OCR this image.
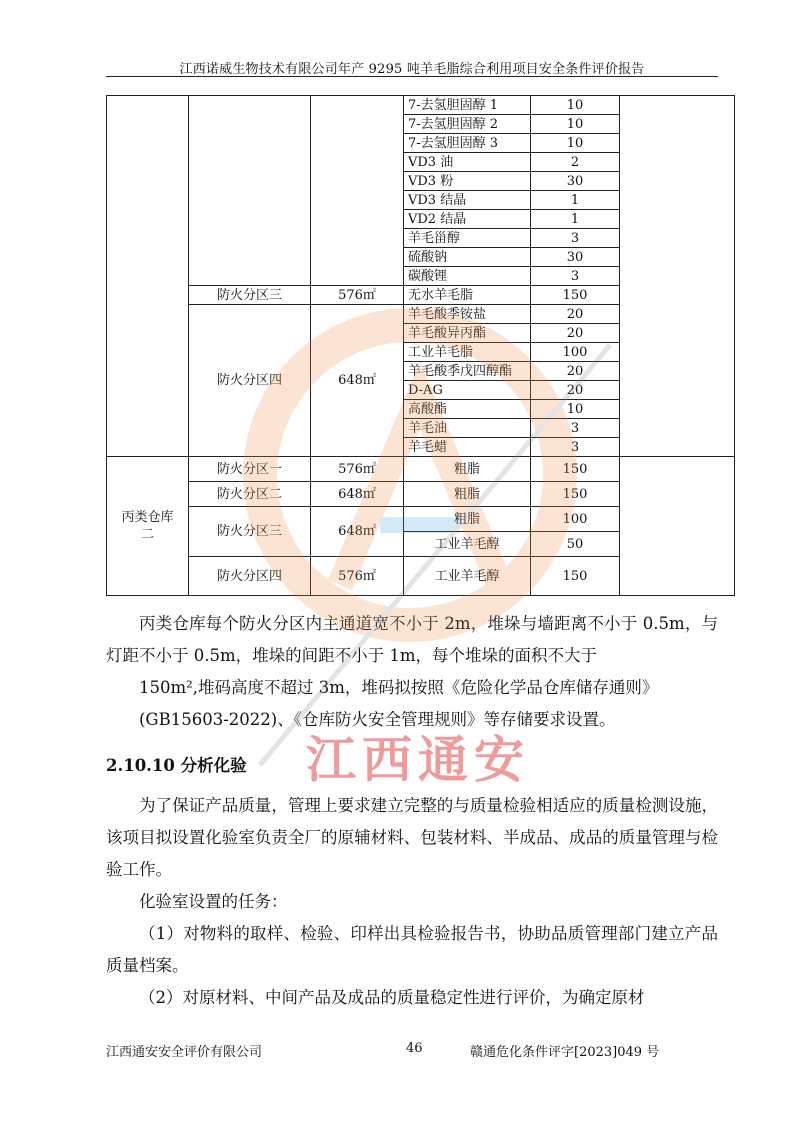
江西诺威生物技术有限公司年产 9295 吨羊毛脂综合利用项目安全条件评价报告
			7-去氢胆固醇 1	10	
			7-去氢胆固醇 2	10	
			7-去氢胆固醇 3	10	
			VD3 油	2	
			VD3 粉	30	
			VD3 结晶	1	
			VD2 结晶	1	
			羊毛甾醇	3	
			硫酸钠	30	
			碳酸锂	3	
	防火分区三	576㎡	无水羊毛脂	150	
	防火分区四	648㎡	羊毛酸季铵盐	20	
			羊毛酸异丙酯	20	
			工业羊毛脂	100	
			羊毛酸季戊四醇酯	20	
			D-AG	20	
			高酸酯	10	
			羊毛油	3	
			羊毛蜡	3	
丙类仓库二	防火分区一	576㎡	粗脂	150	
	防火分区二	648㎡	粗脂	150	
	防火分区三	648㎡	粗脂	100	
			工业羊毛醇	50	
	防火分区四	576㎡	工业羊毛醇	150	

丙类仓库每个防火分区内主通道宽不小于 2m，堆垛与墙距离不小于 0.5m，与灯距不小于 0.5m，堆垛的间距不小于 1m，每个堆垛的面积不大于

150m²,堆码高度不超过 3m，堆码拟按照《危险化学品仓库储存通则》

(GB15603-2022)、《仓库防火安全管理规则》等存储要求设置。

2.10.10 分析化验

为了保证产品质量，管理上要求建立完整的与质量检验相适应的质量检测设施，该项目拟设置化验室负责全厂的原辅材料、包装材料、半成品、成品的质量管理与检验工作。

化验室设置的任务：

（1）对物料的取样、检验、印样出具检验报告书，协助品质管理部门建立产品质量档案。

（2）对原材料、中间产品及成品的质量稳定性进行评价，为确定原材

江西通安
江西通安安全评价有限公司	46	赣通危化条件评字[2023]049 号
